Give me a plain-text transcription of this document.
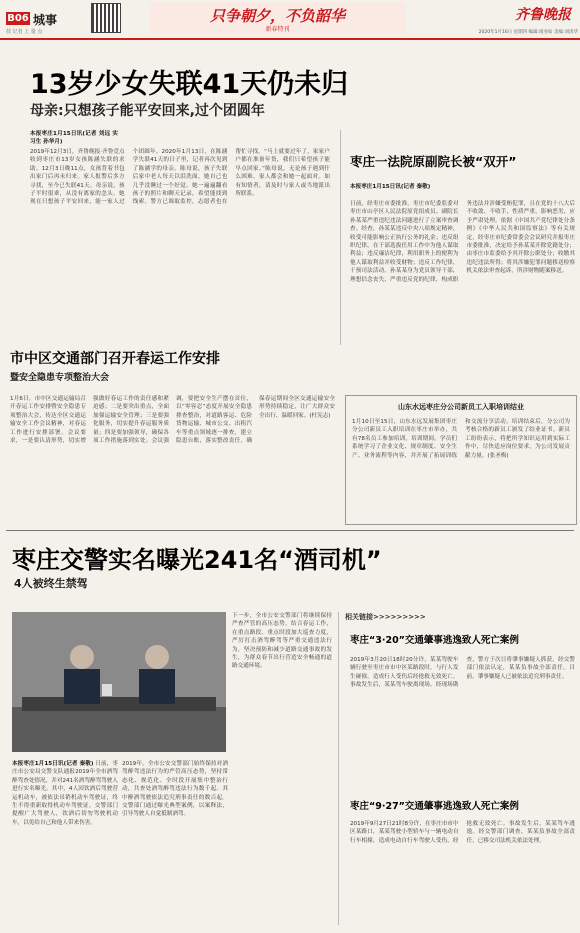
B06 城事
技 记者 上 量 点
只争朝夕，不负韶华
新春特刊
齐鲁晚报
2020年1月16日 星期四 编辑:靖亚如 美编:刘清华
13岁少女失联41天仍未归
母亲:只想孩子能平安回来,过个团圆年
本报枣庄1月15日讯(记者 刘远 实习生 孙华月)
2019年12月3日，齐鲁晚报·齐鲁壹点收到枣庄市13岁女孩陈涵失联的求助。12月3日晚11点，女孩背着书包出家门后再未归来。家人报警后多方寻找，至今已失联41天。母亲说，孩子平时很乖，从没有离家的念头。她现在只想孩子平安回来，能一家人过个团圆年。2020年1月13日，在陈涵学失联41天的日子里，记者再次见到了陈涵学的母亲。陈母说，孩子失联后家中老人每天以泪洗面，她自己也几乎没睡过一个好觉。她一遍遍翻看孩子的照片和聊天记录，希望能找到线索。警方已调取监控，志愿者也在帮忙寻找。“马上就要过年了，家家户户都在准备年货，我们只希望孩子能早点回家。”陈母说，无论孩子遇到什么困难，家人都会和她一起面对。如有知情者，请及时与家人或当地派出所联系。
枣庄一法院原副院长被“双开”
本报枣庄1月15日讯(记者 秦敬)
日前，经枣庄市委批准，枣庄市纪委监委对枣庄市山亭区人民法院原党组成员、副院长孙某某严重违纪违法问题进行了立案审查调查。经查，孙某某违反中央八项规定精神，收受可能影响公正执行公务的礼金；违反组织纪律，在干部选拔任用工作中为他人谋取利益；违反廉洁纪律，利用职务上的便利为他人谋取利益并收受财物；违反工作纪律，干预司法活动。孙某某身为党员领导干部，理想信念丧失，严重违反党的纪律，构成职务违法并涉嫌受贿犯罪，且在党的十八大后不收敛、不收手，性质严重，影响恶劣，应予严肃处理。依据《中国共产党纪律处分条例》《中华人民共和国监察法》等有关规定，经枣庄市纪委常委会会议研究并报枣庄市委批准，决定给予孙某某开除党籍处分；由枣庄市监委给予其开除公职处分；收缴其违纪违法所得；将其涉嫌犯罪问题移送检察机关依法审查起诉，所涉财物随案移送。
市中区交通部门召开春运工作安排
暨安全隐患专项整治大会
1月6日，市中区交通运输局召开春运工作安排暨安全隐患专项整治大会，传达全区交通运输安全工作会议精神，对春运工作进行安排部署。会议要求，一是要认清形势，切实增强做好春运工作的责任感和紧迫感；二是要突出重点，全面加强运输安全管理；三是要强化服务，切实提升春运服务质量；四是要加强领导，确保各项工作措施落到实处。会议强调，要把安全生产摆在首位，以“零容忍”态度开展安全隐患排查整治，对道路客运、危险货物运输、城市公交、出租汽车等重点领域逐一排查，建立隐患台账，落实整改责任，确保春运期间全区交通运输安全形势持续稳定，让广大群众安全出行、温暖回家。(杜宪志)
山东水远枣庄分公司新员工入职培训结业
1月10日至15日，山东水远发展集团枣庄分公司新员工入职培训在枣庄市举办，共有78名员工参加培训。培训期间，学员们系统学习了企业文化、规章制度、安全生产、业务流程等内容，并开展了拓展训练和交流分享活动。培训结束后，分公司为考核合格的新员工颁发了结业证书。新员工纷纷表示，将把所学知识运用到实际工作中，尽快适应岗位要求，为公司发展贡献力量。(张圣梅)
枣庄交警实名曝光241名“酒司机”
4人被终生禁驾
本报枣庄1月15日讯(记者 秦敬) 日前，枣庄市公安局交警支队通报2019年全市酒驾醉驾查处情况，并对241名酒驾醉驾驾驶人进行实名曝光。其中，4人因饮酒后驾驶营运机动车，被依法吊销机动车驾驶证，终生不得重新取得机动车驾驶证。交警部门提醒广大驾驶人，饮酒后切勿驾驶机动车，以免给自己和他人带来伤害。
2019年，全市公安交警部门始终保持对酒驾醉驾违法行为的严管高压态势，坚持常态化、规范化、全时段开展集中整治行动，共查处酒驾醉驾违法行为数千起。其中醉酒驾驶依法追究刑事责任的数百起。交警部门通过曝光典型案例，以案释法，引导驾驶人自觉抵制酒驾。
下一步，全市公安交警部门将继续保持严查严管的高压态势，结合春运工作，在重点路段、重点时段加大巡查力度，严厉打击酒驾醉驾等严重交通违法行为，坚决预防和减少道路交通事故的发生，为群众春节出行营造安全畅通的道路交通环境。
相关链接>>>>>>>>>
枣庄“3·20”交通肇事逃逸致人死亡案例
2019年3月20日18时20分许，某某驾驶车辆行驶至枣庄市市中区某路段时，与行人发生碰撞，造成行人受伤后经抢救无效死亡。事故发生后，某某驾车驶离现场。经现场勘查，警方于次日将肇事嫌疑人抓获。经交警部门依法认定，某某负事故全部责任。目前，肇事嫌疑人已被依法追究刑事责任。
枣庄“9·27”交通肇事逃逸致人死亡案例
2019年9月27日21时8分许，在枣庄市市中区某路口，某某驾驶小型轿车与一辆电动自行车相撞，造成电动自行车驾驶人受伤，经抢救无效死亡。事故发生后，某某驾车逃逸。经交警部门调查，某某负事故全部责任，已移交司法机关依法处理。
